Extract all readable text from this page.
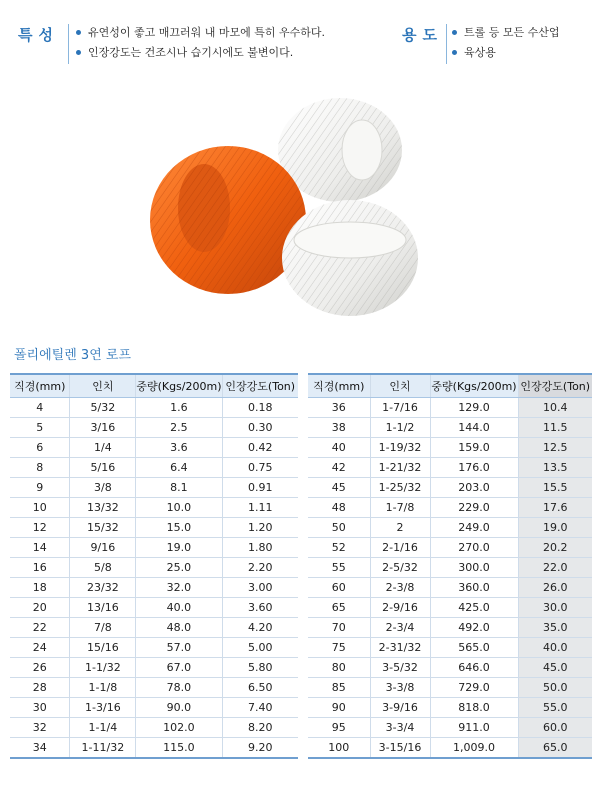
특성	유연성이 좋고 매끄러워 내 마모에 특히 우수하다.
인장강도는 건조시나 습기시에도 불변이다.
용도	트롤 등 모든 수산업
육상용
폴리에틸렌 3연 로프
직경(mm)	인치	중량(Kgs/200m)	인장강도(Ton)
4	5/32	1.6	0.18
5	3/16	2.5	0.30
6	1/4	3.6	0.42
8	5/16	6.4	0.75
9	3/8	8.1	0.91
10	13/32	10.0	1.11
12	15/32	15.0	1.20
14	9/16	19.0	1.80
16	5/8	25.0	2.20
18	23/32	32.0	3.00
20	13/16	40.0	3.60
22	7/8	48.0	4.20
24	15/16	57.0	5.00
26	1-1/32	67.0	5.80
28	1-1/8	78.0	6.50
30	1-3/16	90.0	7.40
32	1-1/4	102.0	8.20
34	1-11/32	115.0	9.20
직경(mm)	인치	중량(Kgs/200m)	인장강도(Ton)
36	1-7/16	129.0	10.4
38	1-1/2	144.0	11.5
40	1-19/32	159.0	12.5
42	1-21/32	176.0	13.5
45	1-25/32	203.0	15.5
48	1-7/8	229.0	17.6
50	2	249.0	19.0
52	2-1/16	270.0	20.2
55	2-5/32	300.0	22.0
60	2-3/8	360.0	26.0
65	2-9/16	425.0	30.0
70	2-3/4	492.0	35.0
75	2-31/32	565.0	40.0
80	3-5/32	646.0	45.0
85	3-3/8	729.0	50.0
90	3-9/16	818.0	55.0
95	3-3/4	911.0	60.0
100	3-15/16	1,009.0	65.0
